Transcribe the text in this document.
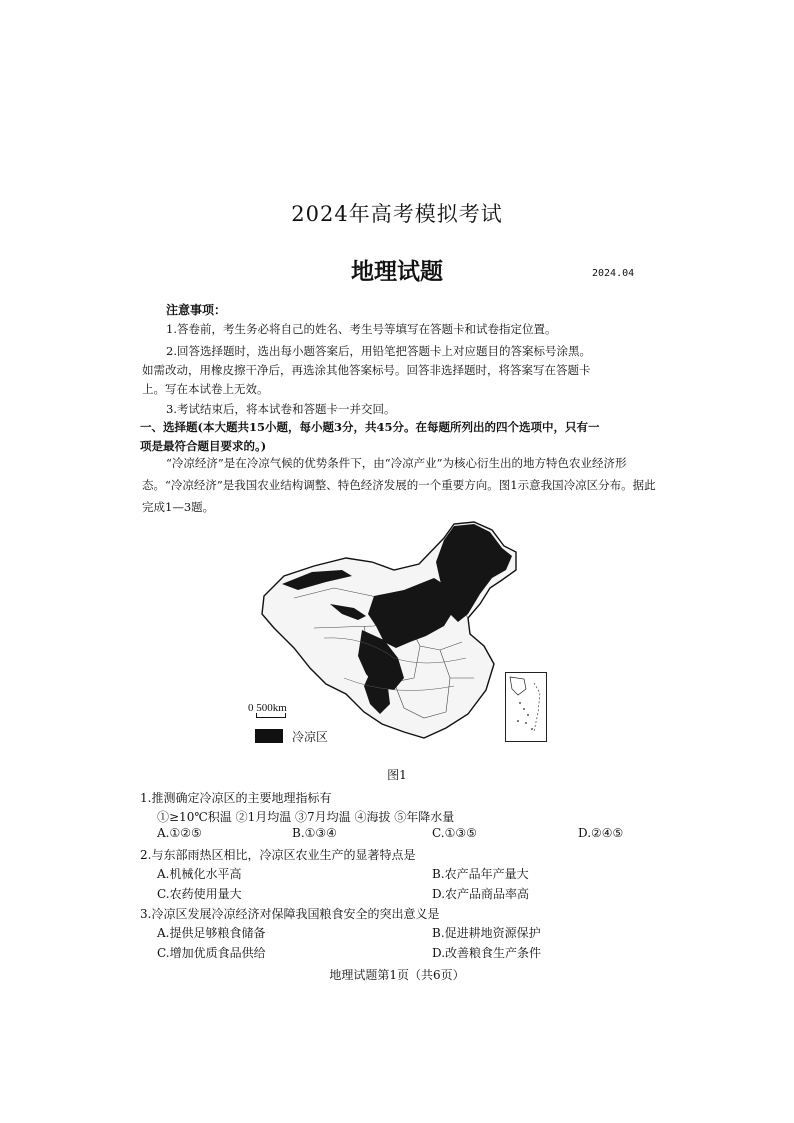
2024年高考模拟考试
地理试题	2024.04
注意事项：
1.答卷前，考生务必将自己的姓名、考生号等填写在答题卡和试卷指定位置。
2.回答选择题时，选出每小题答案后，用铅笔把答题卡上对应题目的答案标号涂黑。
如需改动，用橡皮擦干净后，再选涂其他答案标号。回答非选择题时，将答案写在答题卡
上。写在本试卷上无效。
3.考试结束后，将本试卷和答题卡一并交回。
一、选择题(本大题共15小题，每小题3分，共45分。在每题所列出的四个选项中，只有一
项是最符合题目要求的。)
“冷凉经济”是在冷凉气候的优势条件下，由“冷凉产业”为核心衍生出的地方特色农业经济形态。“冷凉经济”是我国农业结构调整、特色经济发展的一个重要方向。图1示意我国冷凉区分布。据此完成1—3题。
0 500km
冷凉区
图1
1.推测确定冷凉区的主要地理指标有
①≥10℃积温 ②1月均温 ③7月均温 ④海拔 ⑤年降水量
A.①②⑤	B.①③④	C.①③⑤	D.②④⑤
2.与东部雨热区相比，冷凉区农业生产的显著特点是
A.机械化水平高	B.农产品年产量大
C.农药使用量大	D.农产品商品率高
3.冷凉区发展冷凉经济对保障我国粮食安全的突出意义是
A.提供足够粮食储备	B.促进耕地资源保护
C.增加优质食品供给	D.改善粮食生产条件
地理试题第1页（共6页）
